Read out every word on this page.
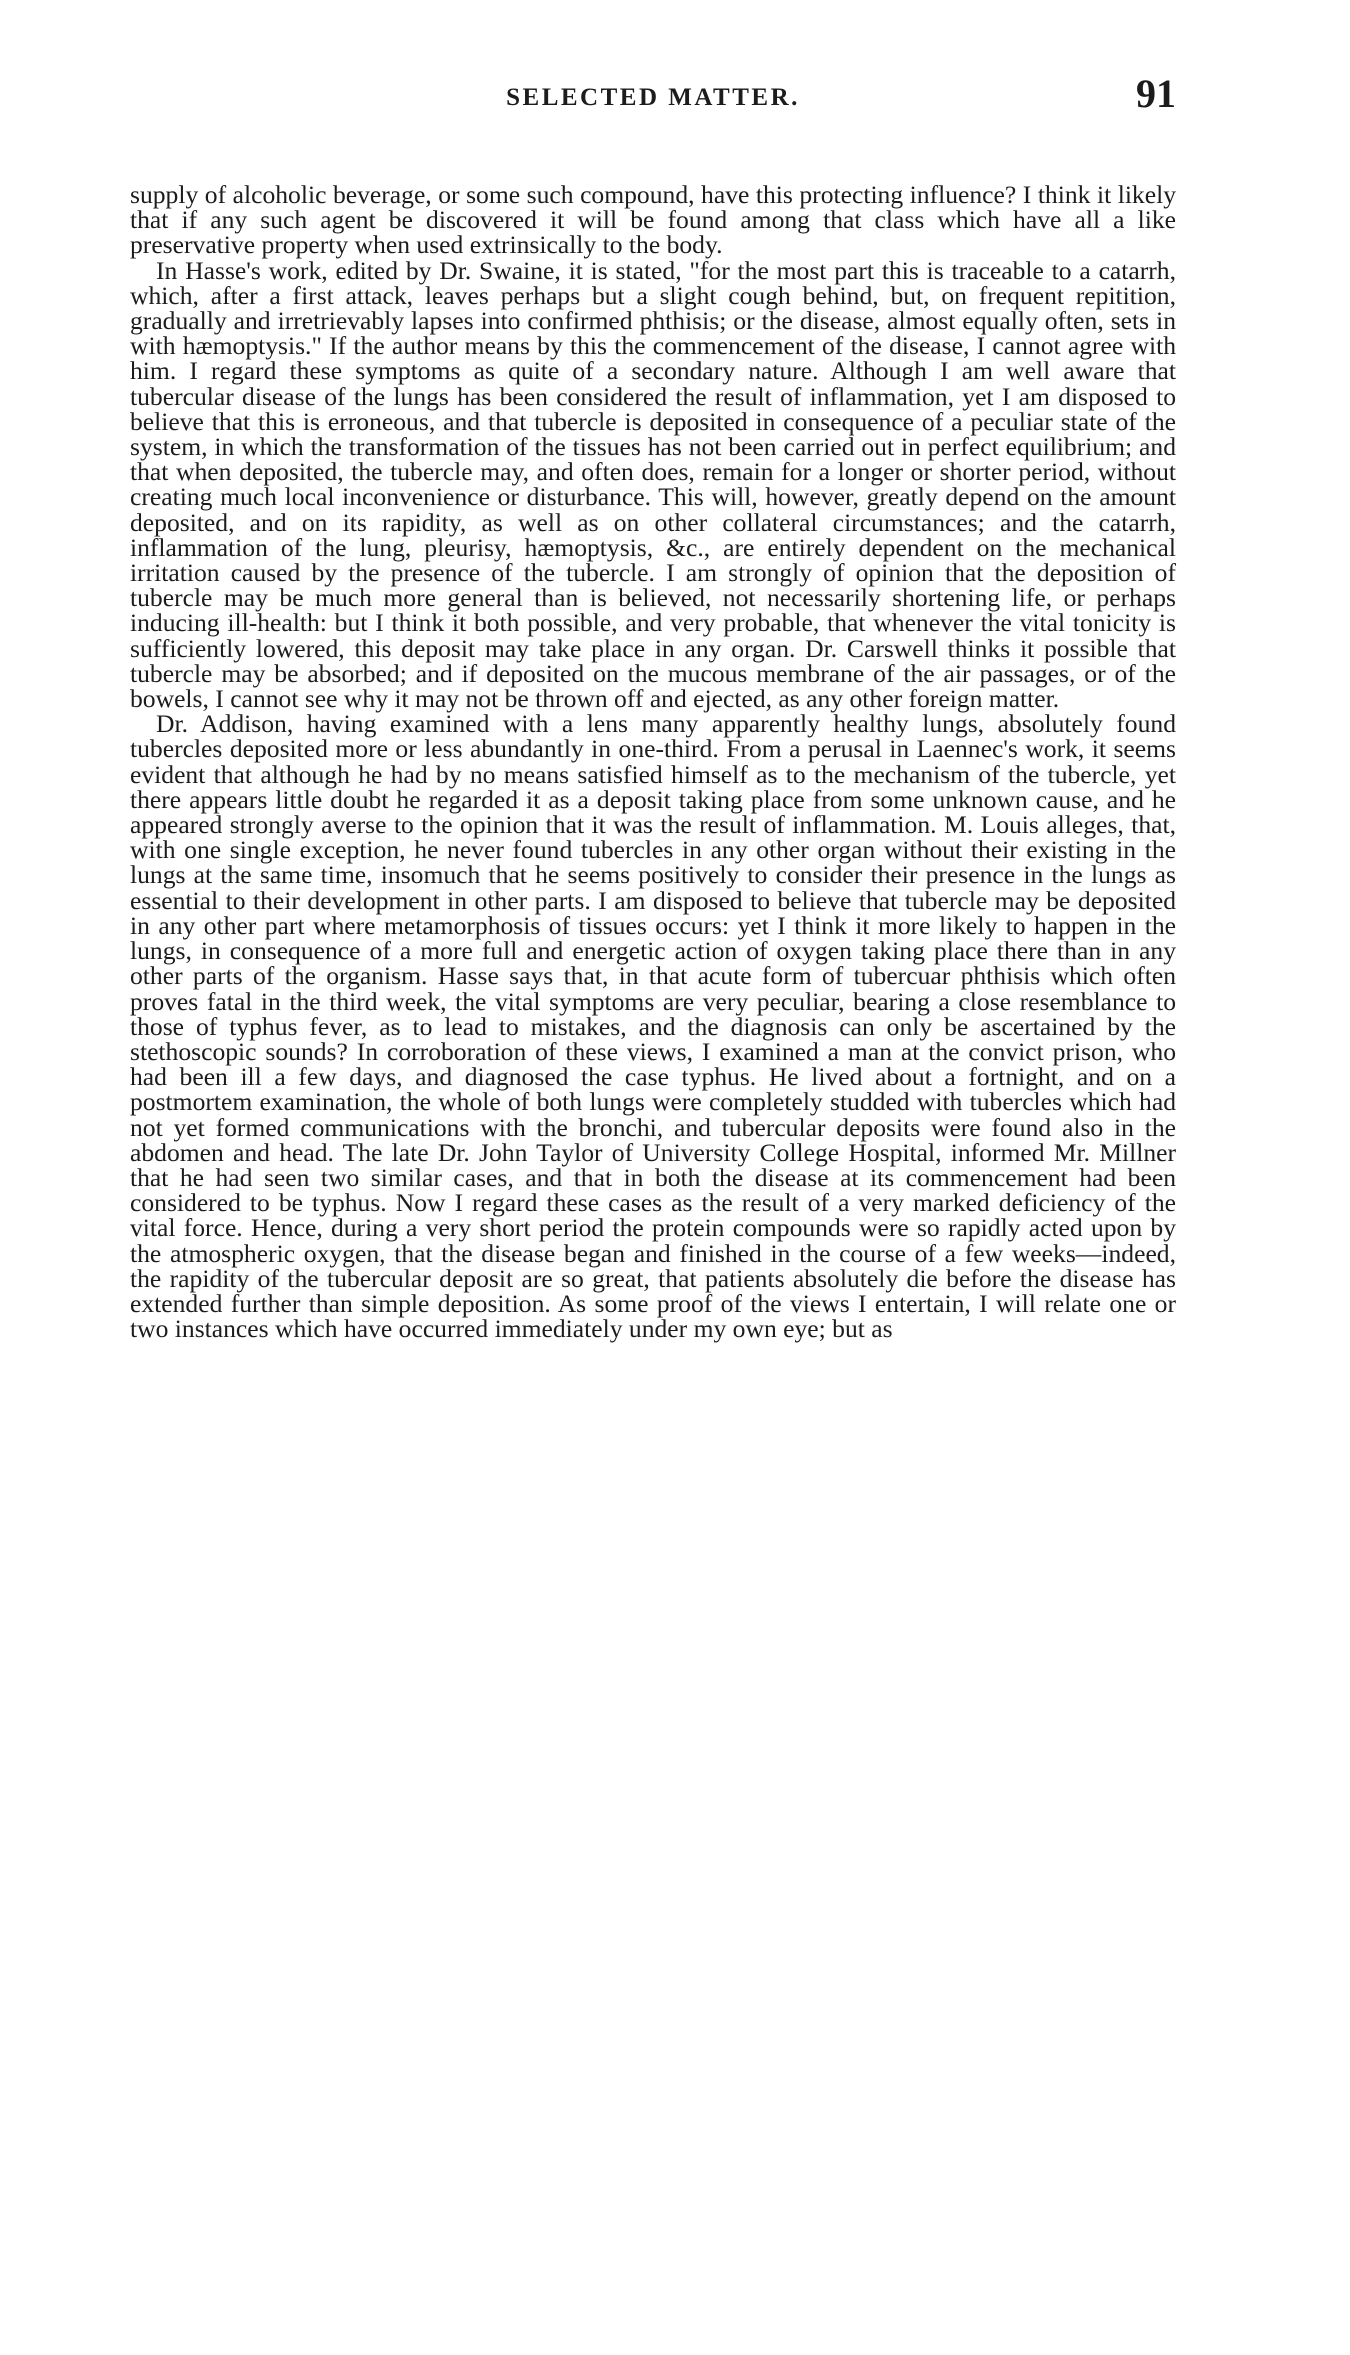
SELECTED MATTER.	91

supply of alcoholic beverage, or some such compound, have this protecting influence? I think it likely that if any such agent be discovered it will be found among that class which have all a like preservative property when used extrinsically to the body.

In Hasse's work, edited by Dr. Swaine, it is stated, "for the most part this is traceable to a catarrh, which, after a first attack, leaves perhaps but a slight cough behind, but, on frequent repitition, gradually and irretrievably lapses into confirmed phthisis; or the disease, almost equally often, sets in with hæmoptysis." If the author means by this the commencement of the disease, I cannot agree with him. I regard these symptoms as quite of a secondary nature. Although I am well aware that tubercular disease of the lungs has been considered the result of inflammation, yet I am disposed to believe that this is erroneous, and that tubercle is deposited in consequence of a peculiar state of the system, in which the transformation of the tissues has not been carried out in perfect equilibrium; and that when deposited, the tubercle may, and often does, remain for a longer or shorter period, without creating much local inconvenience or disturbance. This will, however, greatly depend on the amount deposited, and on its rapidity, as well as on other collateral circumstances; and the catarrh, inflammation of the lung, pleurisy, hæmoptysis, &c., are entirely dependent on the mechanical irritation caused by the presence of the tubercle. I am strongly of opinion that the deposition of tubercle may be much more general than is believed, not necessarily shortening life, or perhaps inducing ill-health: but I think it both possible, and very probable, that whenever the vital tonicity is sufficiently lowered, this deposit may take place in any organ. Dr. Carswell thinks it possible that tubercle may be absorbed; and if deposited on the mucous membrane of the air passages, or of the bowels, I cannot see why it may not be thrown off and ejected, as any other foreign matter.

Dr. Addison, having examined with a lens many apparently healthy lungs, absolutely found tubercles deposited more or less abundantly in one-third. From a perusal in Laennec's work, it seems evident that although he had by no means satisfied himself as to the mechanism of the tubercle, yet there appears little doubt he regarded it as a deposit taking place from some unknown cause, and he appeared strongly averse to the opinion that it was the result of inflammation. M. Louis alleges, that, with one single exception, he never found tubercles in any other organ without their existing in the lungs at the same time, insomuch that he seems positively to consider their presence in the lungs as essential to their development in other parts. I am disposed to believe that tubercle may be deposited in any other part where metamorphosis of tissues occurs: yet I think it more likely to happen in the lungs, in consequence of a more full and energetic action of oxygen taking place there than in any other parts of the organism. Hasse says that, in that acute form of tubercuar phthisis which often proves fatal in the third week, the vital symptoms are very peculiar, bearing a close resemblance to those of typhus fever, as to lead to mistakes, and the diagnosis can only be ascertained by the stethoscopic sounds? In corroboration of these views, I examined a man at the convict prison, who had been ill a few days, and diagnosed the case typhus. He lived about a fortnight, and on a postmortem examination, the whole of both lungs were completely studded with tubercles which had not yet formed communications with the bronchi, and tubercular deposits were found also in the abdomen and head. The late Dr. John Taylor of University College Hospital, informed Mr. Millner that he had seen two similar cases, and that in both the disease at its commencement had been considered to be typhus. Now I regard these cases as the result of a very marked deficiency of the vital force. Hence, during a very short period the protein compounds were so rapidly acted upon by the atmospheric oxygen, that the disease began and finished in the course of a few weeks—indeed, the rapidity of the tubercular deposit are so great, that patients absolutely die before the disease has extended further than simple deposition. As some proof of the views I entertain, I will relate one or two instances which have occurred immediately under my own eye; but as
